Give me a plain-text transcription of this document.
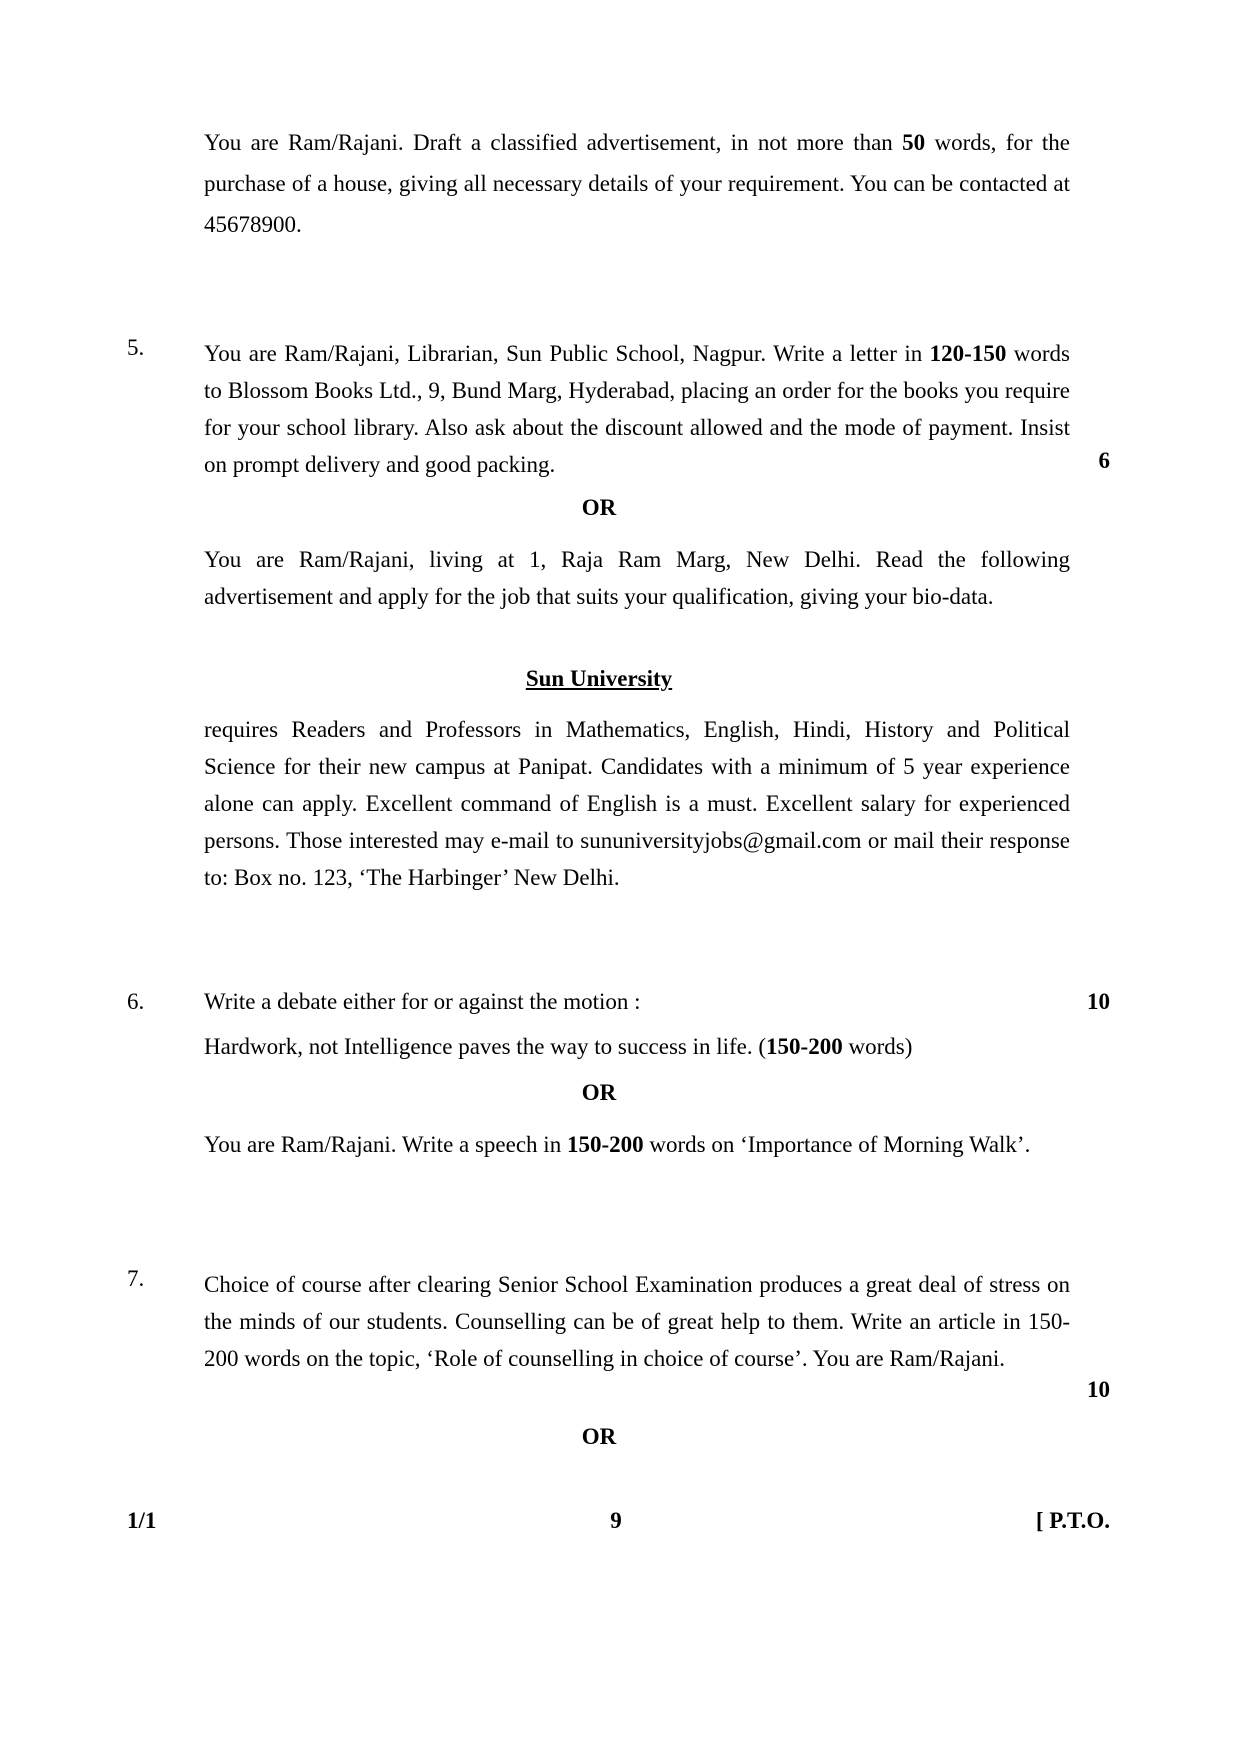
You are Ram/Rajani. Draft a classified advertisement, in not more than 50 words, for the purchase of a house, giving all necessary details of your requirement. You can be contacted at 45678900.

5.	You are Ram/Rajani, Librarian, Sun Public School, Nagpur. Write a letter in 120-150 words to Blossom Books Ltd., 9, Bund Marg, Hyderabad, placing an order for the books you require for your school library. Also ask about the discount allowed and the mode of payment. Insist on prompt delivery and good packing.	6

OR

You are Ram/Rajani, living at 1, Raja Ram Marg, New Delhi. Read the following advertisement and apply for the job that suits your qualification, giving your bio-data.

Sun University

requires Readers and Professors in Mathematics, English, Hindi, History and Political Science for their new campus at Panipat. Candidates with a minimum of 5 year experience alone can apply. Excellent command of English is a must. Excellent salary for experienced persons. Those interested may e-mail to sununiversityjobs@gmail.com or mail their response to: Box no. 123, ‘The Harbinger’ New Delhi.

6.	Write a debate either for or against the motion :	10

Hardwork, not Intelligence paves the way to success in life. (150-200 words)

OR

You are Ram/Rajani. Write a speech in 150-200 words on ‘Importance of Morning Walk’.

7.	Choice of course after clearing Senior School Examination produces a great deal of stress on the minds of our students. Counselling can be of great help to them. Write an article in 150-200 words on the topic, ‘Role of counselling in choice of course’. You are Ram/Rajani.

10

OR

1/1	9	[ P.T.O.
